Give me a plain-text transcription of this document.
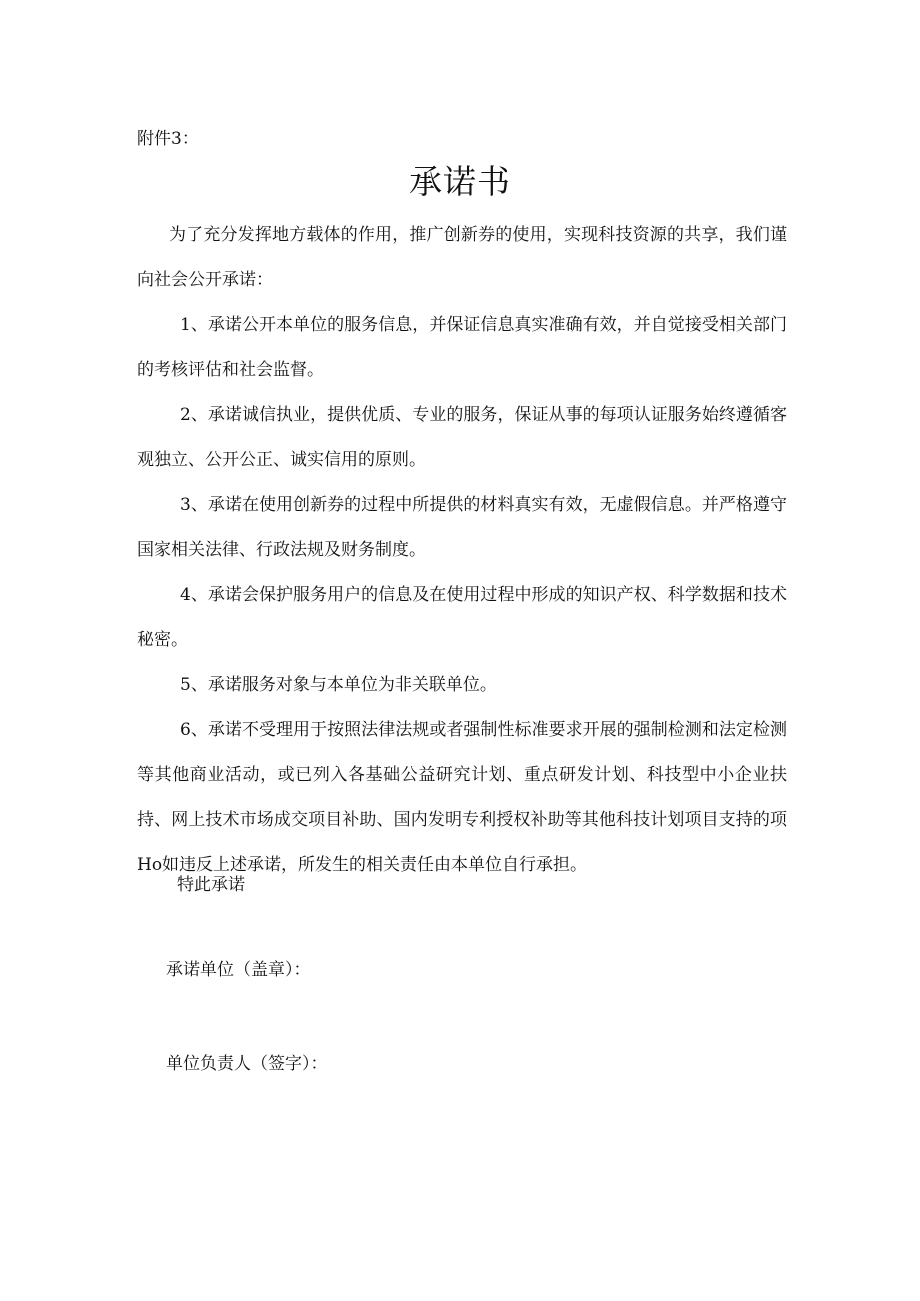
附件3：
承诺书

为了充分发挥地方载体的作用，推广创新券的使用，实现科技资源的共享，我们谨向社会公开承诺：

1、承诺公开本单位的服务信息，并保证信息真实准确有效，并自觉接受相关部门的考核评估和社会监督。

2、承诺诚信执业，提供优质、专业的服务，保证从事的每项认证服务始终遵循客观独立、公开公正、诚实信用的原则。

3、承诺在使用创新券的过程中所提供的材料真实有效，无虚假信息。并严格遵守国家相关法律、行政法规及财务制度。

4、承诺会保护服务用户的信息及在使用过程中形成的知识产权、科学数据和技术秘密。

5、承诺服务对象与本单位为非关联单位。

6、承诺不受理用于按照法律法规或者强制性标准要求开展的强制检测和法定检测等其他商业活动，或已列入各基础公益研究计划、重点研发计划、科技型中小企业扶持、网上技术市场成交项目补助、国内发明专利授权补助等其他科技计划项目支持的项Ho如违反上述承诺，所发生的相关责任由本单位自行承担。

特此承诺
承诺单位（盖章）：
单位负责人（签字）：
